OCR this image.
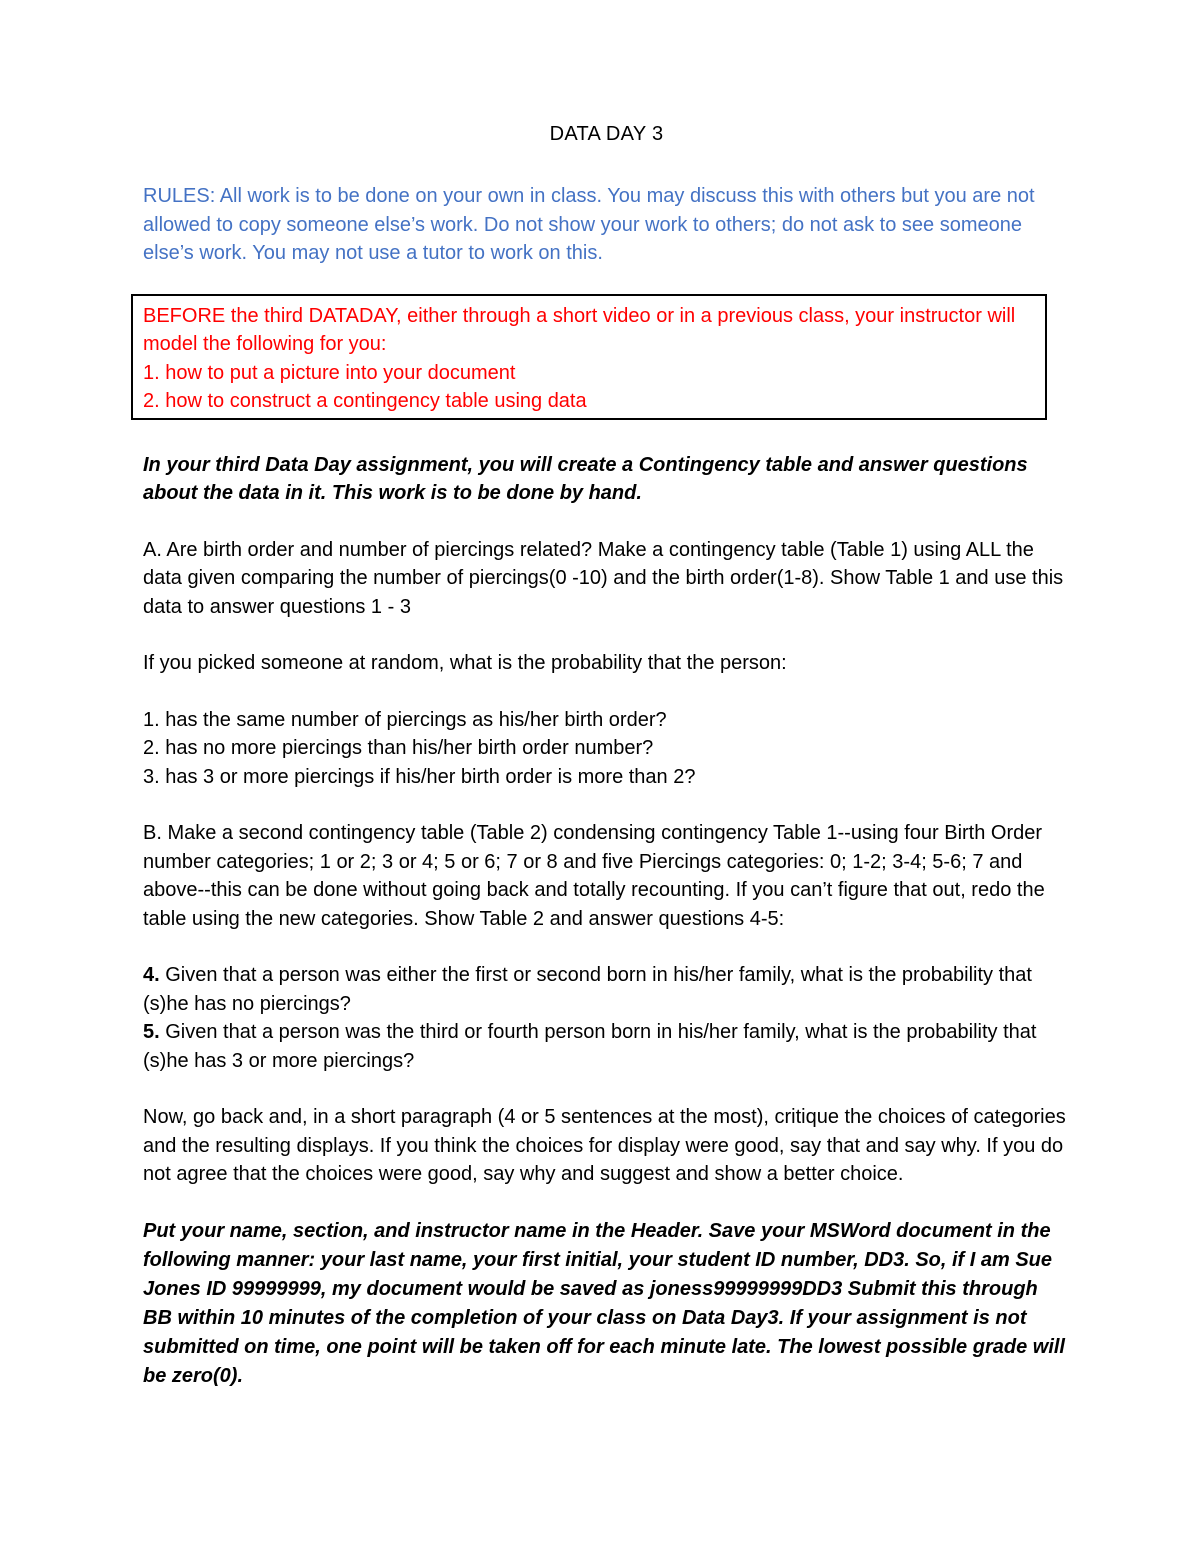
DATA DAY 3

RULES: All work is to be done on your own in class. You may discuss this with others but you are not allowed to copy someone else’s work. Do not show your work to others; do not ask to see someone else’s work. You may not use a tutor to work on this.

BEFORE the third DATADAY, either through a short video or in a previous class, your instructor will model the following for you:

1. how to put a picture into your document
2. how to construct a contingency table using data

In your third Data Day assignment, you will create a Contingency table and answer questions about the data in it. This work is to be done by hand.

A. Are birth order and number of piercings related? Make a contingency table (Table 1) using ALL the data given comparing the number of piercings(0 -10) and the birth order(1-8). Show Table 1 and use this data to answer questions 1 - 3

If you picked someone at random, what is the probability that the person:

1. has the same number of piercings as his/her birth order?
2. has no more piercings than his/her birth order number?
3. has 3 or more piercings if his/her birth order is more than 2?

B. Make a second contingency table (Table 2) condensing contingency Table 1--using four Birth Order number categories; 1 or 2; 3 or 4; 5 or 6; 7 or 8 and five Piercings categories: 0; 1-2; 3-4; 5-6; 7 and above--this can be done without going back and totally recounting. If you can’t figure that out, redo the table using the new categories. Show Table 2 and answer questions 4-5:

4. Given that a person was either the first or second born in his/her family, what is the probability that (s)he has no piercings?
5. Given that a person was the third or fourth person born in his/her family, what is the probability that (s)he has 3 or more piercings?

Now, go back and, in a short paragraph (4 or 5 sentences at the most), critique the choices of categories and the resulting displays. If you think the choices for display were good, say that and say why. If you do not agree that the choices were good, say why and suggest and show a better choice.

Put your name, section, and instructor name in the Header. Save your MSWord document in the following manner: your last name, your first initial, your student ID number, DD3. So, if I am Sue Jones ID 99999999, my document would be saved as joness99999999DD3 Submit this through BB within 10 minutes of the completion of your class on Data Day3. If your assignment is not submitted on time, one point will be taken off for each minute late. The lowest possible grade will be zero(0).
